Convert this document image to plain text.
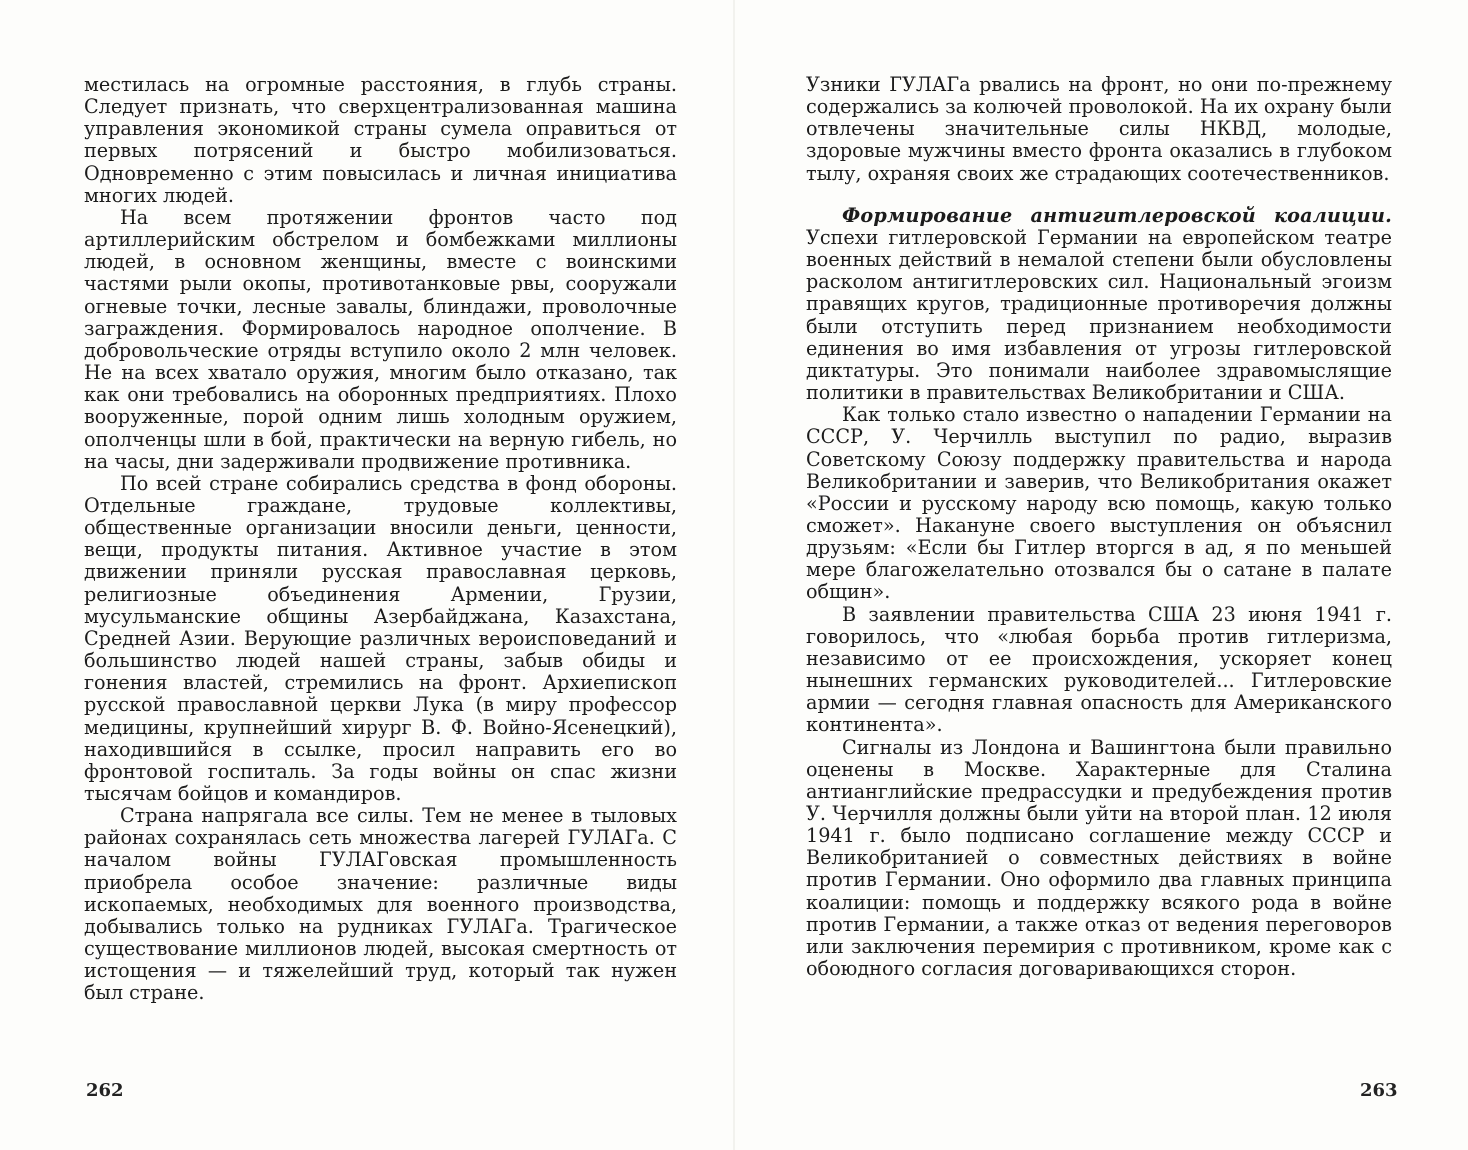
местилась на огромные расстояния, в глубь страны. Следует признать, что сверхцентрализованная машина управления экономикой страны сумела оправиться от первых потрясений и быстро мобилизоваться. Одновременно с этим повысилась и личная инициатива многих людей.

На всем протяжении фронтов часто под артиллерийским обстрелом и бомбежками миллионы людей, в основном женщины, вместе с воинскими частями рыли окопы, противотанковые рвы, сооружали огневые точки, лесные завалы, блиндажи, проволочные заграждения. Формировалось народное ополчение. В добровольческие отряды вступило около 2 млн человек. Не на всех хватало оружия, многим было отказано, так как они требовались на оборонных предприятиях. Плохо вооруженные, порой одним лишь холодным оружием, ополченцы шли в бой, практически на верную гибель, но на часы, дни задерживали продвижение противника.

По всей стране собирались средства в фонд обороны. Отдельные граждане, трудовые коллективы, общественные организации вносили деньги, ценности, вещи, продукты питания. Активное участие в этом движении приняли русская православная церковь, религиозные объединения Армении, Грузии, мусульманские общины Азербайджана, Казахстана, Средней Азии. Верующие различных вероисповеданий и большинство людей нашей страны, забыв обиды и гонения властей, стремились на фронт. Архиепископ русской православной церкви Лука (в миру профессор медицины, крупнейший хирург В. Ф. Войно-Ясенецкий), находившийся в ссылке, просил направить его во фронтовой госпиталь. За годы войны он спас жизни тысячам бойцов и командиров.

Страна напрягала все силы. Тем не менее в тыловых районах сохранялась сеть множества лагерей ГУЛАГа. С началом войны ГУЛАГовская промышленность приобрела особое значение: различные виды ископаемых, необходимых для военного производства, добывались только на рудниках ГУЛАГа. Трагическое существование миллионов людей, высокая смертность от истощения — и тяжелейший труд, который так нужен был стране.

262

Узники ГУЛАГа рвались на фронт, но они по-прежнему содержались за колючей проволокой. На их охрану были отвлечены значительные силы НКВД, молодые, здоровые мужчины вместо фронта оказались в глубоком тылу, охраняя своих же страдающих соотечественников.

Формирование антигитлеровской коалиции. Успехи гитлеровской Германии на европейском театре военных действий в немалой степени были обусловлены расколом антигитлеровских сил. Национальный эгоизм правящих кругов, традиционные противоречия должны были отступить перед признанием необходимости единения во имя избавления от угрозы гитлеровской диктатуры. Это понимали наиболее здравомыслящие политики в правительствах Великобритании и США.

Как только стало известно о нападении Германии на СССР, У. Черчилль выступил по радио, выразив Советскому Союзу поддержку правительства и народа Великобритании и заверив, что Великобритания окажет «России и русскому народу всю помощь, какую только сможет». Накануне своего выступления он объяснил друзьям: «Если бы Гитлер вторгся в ад, я по меньшей мере благожелательно отозвался бы о сатане в палате общин».

В заявлении правительства США 23 июня 1941 г. говорилось, что «любая борьба против гитлеризма, независимо от ее происхождения, ускоряет конец нынешних германских руководителей... Гитлеровские армии — сегодня главная опасность для Американского континента».

Сигналы из Лондона и Вашингтона были правильно оценены в Москве. Характерные для Сталина антианглийские предрассудки и предубеждения против У. Черчилля должны были уйти на второй план. 12 июля 1941 г. было подписано соглашение между СССР и Великобританией о совместных действиях в войне против Германии. Оно оформило два главных принципа коалиции: помощь и поддержку всякого рода в войне против Германии, а также отказ от ведения переговоров или заключения перемирия с противником, кроме как с обоюдного согласия договаривающихся сторон.

263
